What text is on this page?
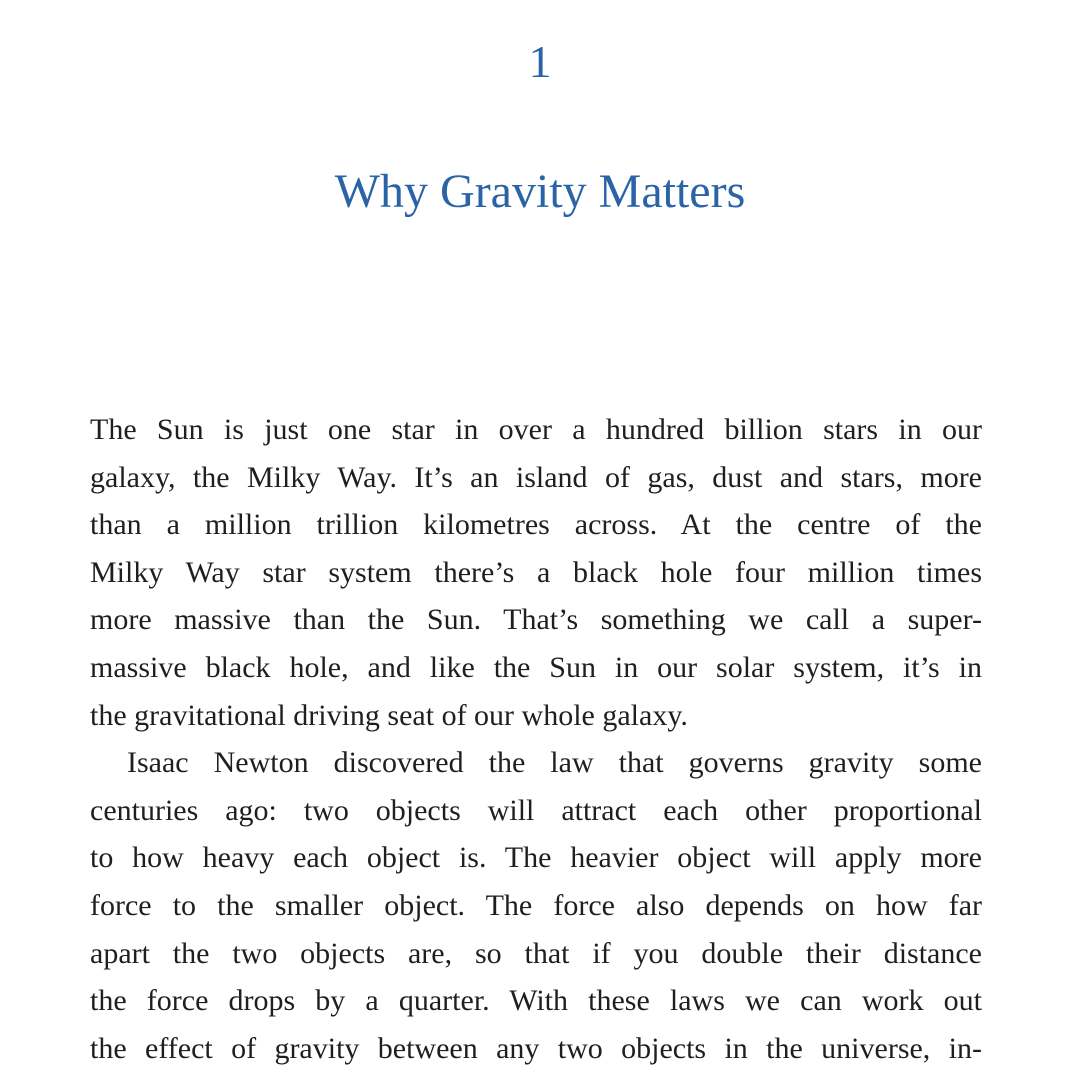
1
Why Gravity Matters
The Sun is just one star in over a hundred billion stars in our
galaxy, the Milky Way. It’s an island of gas, dust and stars, more
than a million trillion kilometres across. At the centre of the
Milky Way star system there’s a black hole four million times
more massive than the Sun. That’s something we call a super-
massive black hole, and like the Sun in our solar system, it’s in
the gravitational driving seat of our whole galaxy.
Isaac Newton discovered the law that governs gravity some
centuries ago: two objects will attract each other proportional
to how heavy each object is. The heavier object will apply more
force to the smaller object. The force also depends on how far
apart the two objects are, so that if you double their distance
the force drops by a quarter. With these laws we can work out
the effect of gravity between any two objects in the universe, in-
